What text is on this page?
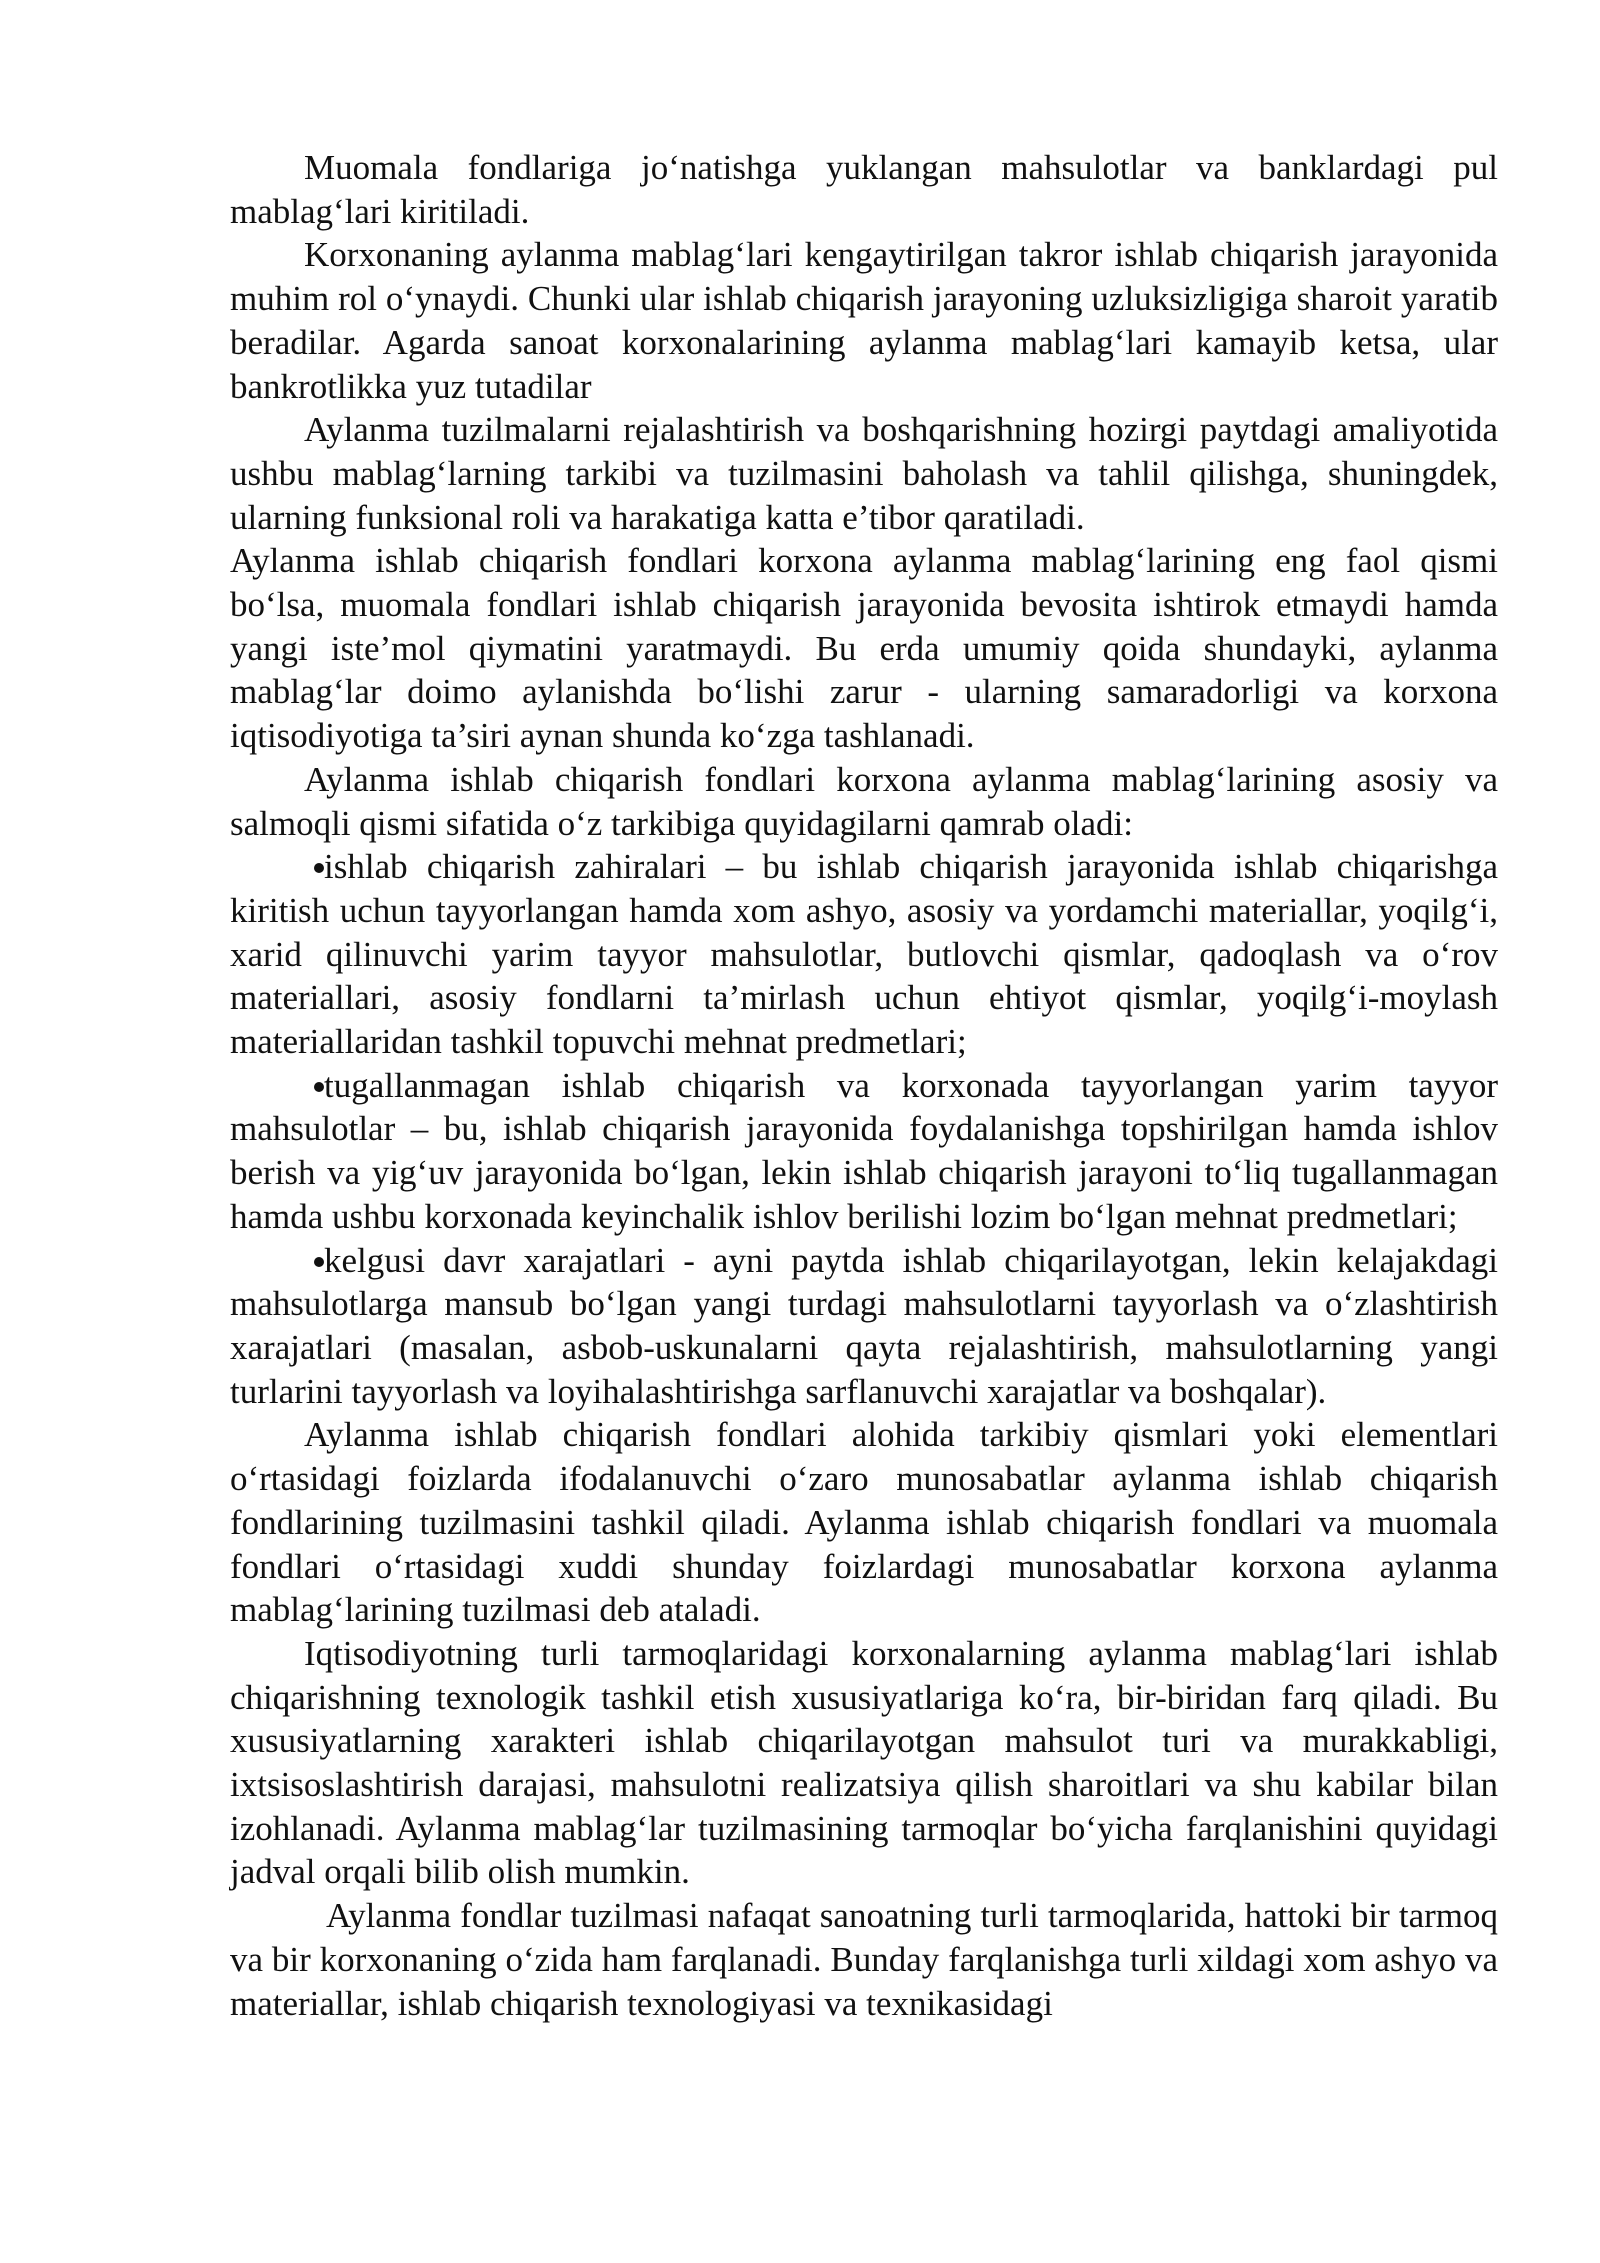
Muomala fondlariga jo‘natishga yuklangan mahsulotlar va banklardagi pul mablag‘lari kiritiladi.

Korxonaning aylanma mablag‘lari kengaytirilgan takror ishlab chiqarish jarayonida muhim rol o‘ynaydi. Chunki ular ishlab chiqarish jarayoning uzluksizligiga sharoit yaratib beradilar. Agarda sanoat korxonalarining aylanma mablag‘lari kamayib ketsa, ular bankrotlikka yuz tutadilar

Aylanma tuzilmalarni rejalashtirish va boshqarishning hozirgi paytdagi amaliyotida ushbu mablag‘larning tarkibi va tuzilmasini baholash va tahlil qilishga, shuningdek, ularning funksional roli va harakatiga katta e’tibor qaratiladi.

Aylanma ishlab chiqarish fondlari korxona aylanma mablag‘larining eng faol qismi bo‘lsa, muomala fondlari ishlab chiqarish jarayonida bevosita ishtirok etmaydi hamda yangi iste’mol qiymatini yaratmaydi. Bu erda umumiy qoida shundayki, aylanma mablag‘lar doimo aylanishda bo‘lishi zarur - ularning samaradorligi va korxona iqtisodiyotiga ta’siri aynan shunda ko‘zga tashlanadi.

Aylanma ishlab chiqarish fondlari korxona aylanma mablag‘larining asosiy va salmoqli qismi sifatida o‘z tarkibiga quyidagilarni qamrab oladi:

ishlab chiqarish zahiralari – bu ishlab chiqarish jarayonida ishlab chiqarishga kiritish uchun tayyorlangan hamda xom ashyo, asosiy va yordamchi materiallar, yoqilg‘i, xarid qilinuvchi yarim tayyor mahsulotlar, butlovchi qismlar, qadoqlash va o‘rov materiallari, asosiy fondlarni ta’mirlash uchun ehtiyot qismlar, yoqilg‘i-moylash materiallaridan tashkil topuvchi mehnat predmetlari;

tugallanmagan ishlab chiqarish va korxonada tayyorlangan yarim tayyor mahsulotlar – bu, ishlab chiqarish jarayonida foydalanishga topshirilgan hamda ishlov berish va yig‘uv jarayonida bo‘lgan, lekin ishlab chiqarish jarayoni to‘liq tugallanmagan hamda ushbu korxonada keyinchalik ishlov berilishi lozim bo‘lgan mehnat predmetlari;

kelgusi davr xarajatlari - ayni paytda ishlab chiqarilayotgan, lekin kelajakdagi mahsulotlarga mansub bo‘lgan yangi turdagi mahsulotlarni tayyorlash va o‘zlashtirish xarajatlari (masalan, asbob-uskunalarni qayta rejalashtirish, mahsulotlarning yangi turlarini tayyorlash va loyihalashtirishga sarflanuvchi xarajatlar va boshqalar).

Aylanma ishlab chiqarish fondlari alohida tarkibiy qismlari yoki elementlari o‘rtasidagi foizlarda ifodalanuvchi o‘zaro munosabatlar aylanma ishlab chiqarish fondlarining tuzilmasini tashkil qiladi. Aylanma ishlab chiqarish fondlari va muomala fondlari o‘rtasidagi xuddi shunday foizlardagi munosabatlar korxona aylanma mablag‘larining tuzilmasi deb ataladi.

Iqtisodiyotning turli tarmoqlaridagi korxonalarning aylanma mablag‘lari ishlab chiqarishning texnologik tashkil etish xususiyatlariga ko‘ra, bir-biridan farq qiladi. Bu xususiyatlarning xarakteri ishlab chiqarilayotgan mahsulot turi va murakkabligi, ixtsisoslashtirish darajasi, mahsulotni realizatsiya qilish sharoitlari va shu kabilar bilan izohlanadi. Aylanma mablag‘lar tuzilmasining tarmoqlar bo‘yicha farqlanishini quyidagi jadval orqali bilib olish mumkin.

Aylanma fondlar tuzilmasi nafaqat sanoatning turli tarmoqlarida, hattoki bir tarmoq va bir korxonaning o‘zida ham farqlanadi. Bunday farqlanishga turli xildagi xom ashyo va materiallar, ishlab chiqarish texnologiyasi va texnikasidagi
